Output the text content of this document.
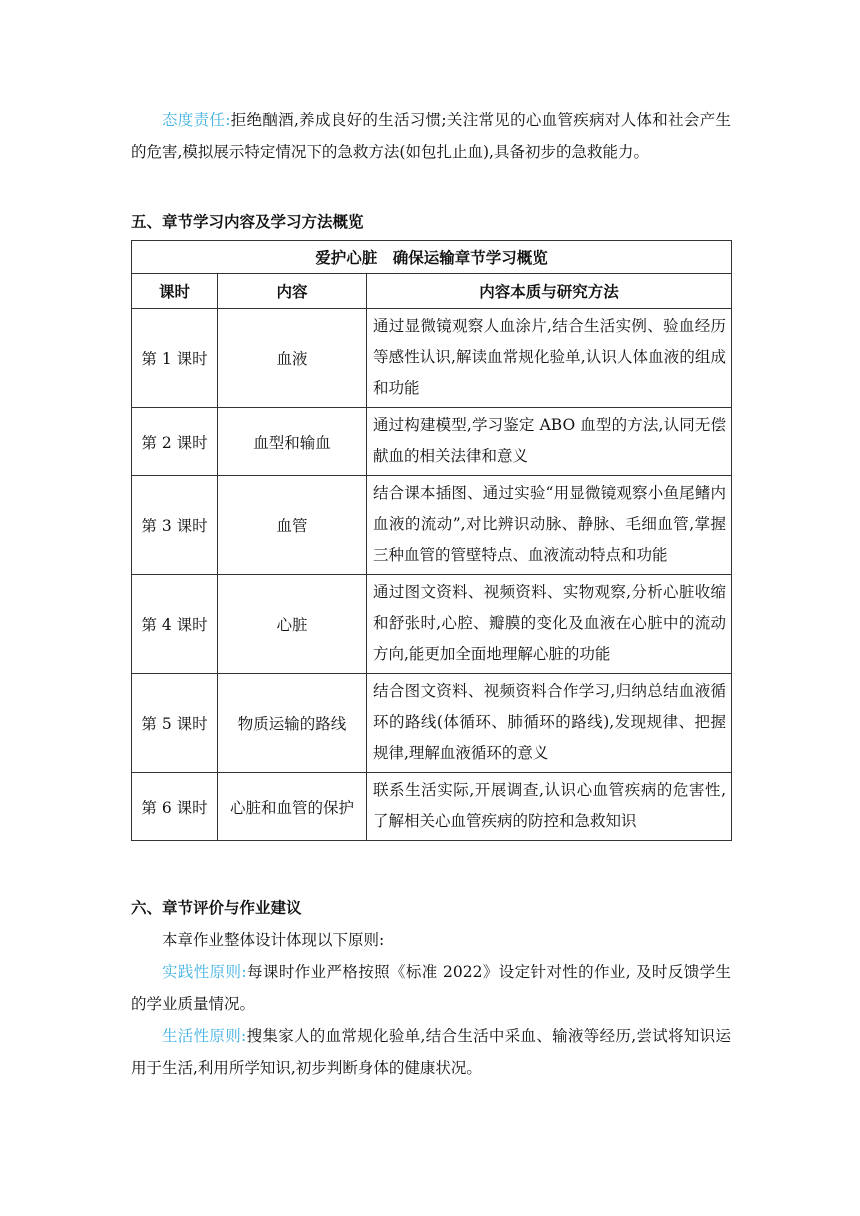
态度责任:拒绝酗酒,养成良好的生活习惯;关注常见的心血管疾病对人体和社会产生的危害,模拟展示特定情况下的急救方法(如包扎止血),具备初步的急救能力。

五、章节学习内容及学习方法概览

爱护心脏　确保运输章节学习概览		
课时	内容	内容本质与研究方法
第 1 课时	血液	通过显微镜观察人血涂片,结合生活实例、验血经历等感性认识,解读血常规化验单,认识人体血液的组成和功能
第 2 课时	血型和输血	通过构建模型,学习鉴定 ABO 血型的方法,认同无偿献血的相关法律和意义
第 3 课时	血管	结合课本插图、通过实验“用显微镜观察小鱼尾鳍内血液的流动”,对比辨识动脉、静脉、毛细血管,掌握三种血管的管壁特点、血液流动特点和功能
第 4 课时	心脏	通过图文资料、视频资料、实物观察,分析心脏收缩和舒张时,心腔、瓣膜的变化及血液在心脏中的流动方向,能更加全面地理解心脏的功能
第 5 课时	物质运输的路线	结合图文资料、视频资料合作学习,归纳总结血液循环的路线(体循环、肺循环的路线),发现规律、把握规律,理解血液循环的意义
第 6 课时	心脏和血管的保护	联系生活实际,开展调查,认识心血管疾病的危害性,了解相关心血管疾病的防控和急救知识

六、章节评价与作业建议

本章作业整体设计体现以下原则:

实践性原则:每课时作业严格按照《标准 2022》设定针对性的作业, 及时反馈学生的学业质量情况。

生活性原则:搜集家人的血常规化验单,结合生活中采血、输液等经历,尝试将知识运用于生活,利用所学知识,初步判断身体的健康状况。
